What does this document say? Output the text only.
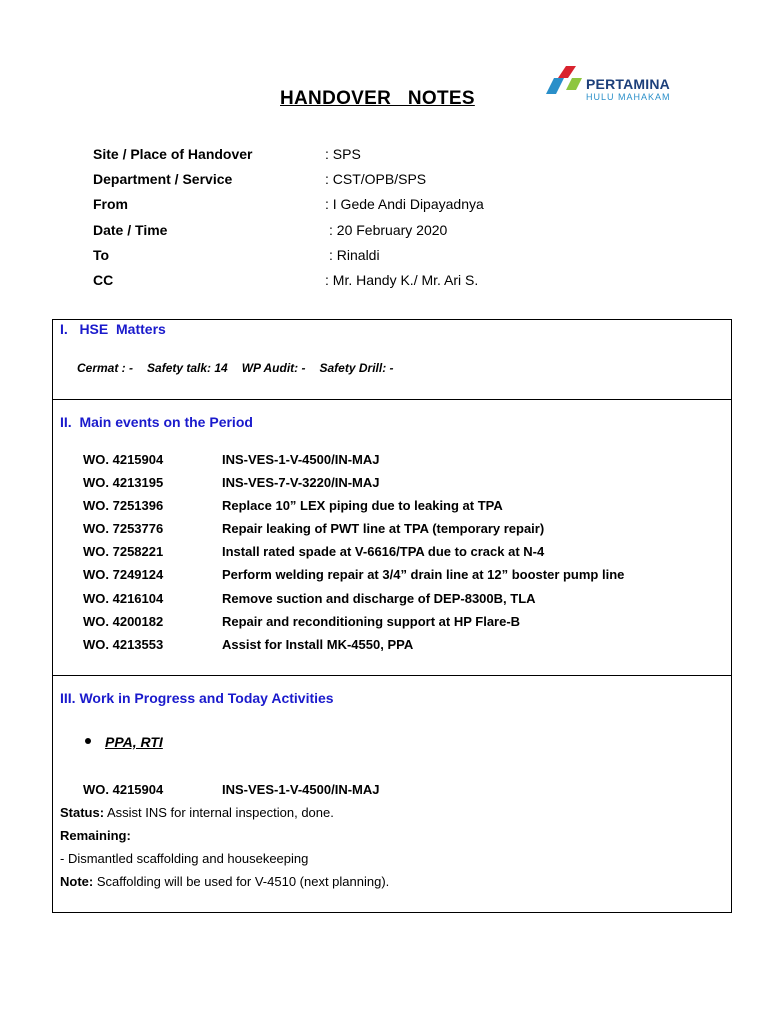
PERTAMINA
HULU MAHAKAM
HANDOVER   NOTES
Site / Place of Handover	: SPS
Department / Service	: CST/OPB/SPS
From	: I Gede Andi Dipayadnya
Date / Time	: 20 February 2020
To	: Rinaldi
CC	: Mr. Handy K./ Mr. Ari S.
I.   HSE  Matters
Cermat : - Safety talk: 14 WP Audit: - Safety Drill: -
II.  Main events on the Period
WO. 4215904	INS-VES-1-V-4500/IN-MAJ
WO. 4213195	INS-VES-7-V-3220/IN-MAJ
WO. 7251396	Replace 10” LEX piping due to leaking at TPA
WO. 7253776	Repair leaking of PWT line at TPA (temporary repair)
WO. 7258221	Install rated spade at V-6616/TPA due to crack at N-4
WO. 7249124	Perform welding repair at 3/4” drain line at 12” booster pump line
WO. 4216104	Remove suction and discharge of DEP-8300B, TLA
WO. 4200182	Repair and reconditioning support at HP Flare-B
WO. 4213553	Assist for Install MK-4550, PPA
III. Work in Progress and Today Activities
PPA, RTI
WO. 4215904	INS-VES-1-V-4500/IN-MAJ
Status: Assist INS for internal inspection, done.
Remaining:
- Dismantled scaffolding and housekeeping
Note: Scaffolding will be used for V-4510 (next planning).
